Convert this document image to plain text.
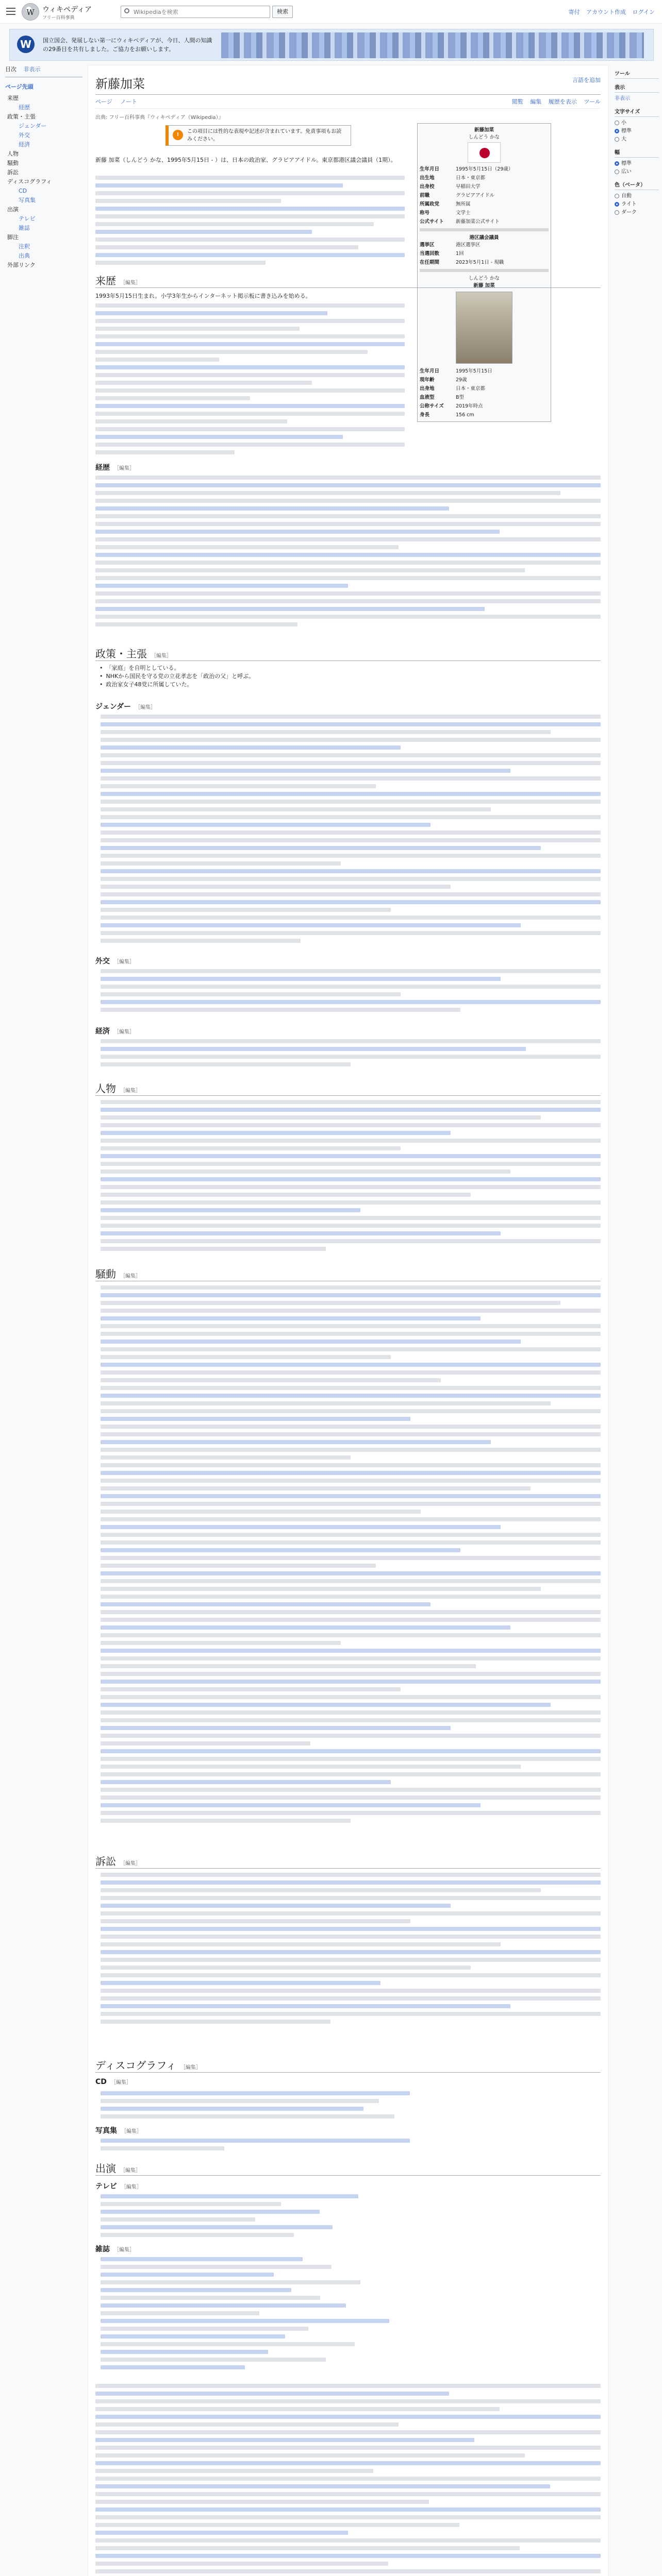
W	ウィキペディア
フリー百科事典
Wikipediaを検索
検索	寄付 アカウント作成 ログイン
W	国立国会、発展しない第一にウィキペディアが、今日、人間の知識の29番目を共有しました。ご協力をお願いします。
目次 非表示
ページ先頭
来歴
経歴
政策・主張
ジェンダー
外交
経済
人物
騒動
訴訟
ディスコグラフィ
CD
写真集
出演
テレビ
雑誌
脚注
注釈
出典
外部リンク
新藤加菜	言語を追加
ページ ノート	閲覧 編集 履歴を表示 ツール
出典: フリー百科事典『ウィキペディア（Wikipedia）』
!
この項目には性的な表現や記述が含まれています。免責事項もお読みください。
新藤加菜
しんどう かな
生年月日	1995年5月15日（29歳）
出生地	日本・東京都
出身校	早稲田大学
前職	グラビアアイドル
所属政党	無所属
称号	文学士
公式サイト	新藤加菜公式サイト
港区議会議員
選挙区	港区選挙区
当選回数	1回
在任期間	2023年5月1日 - 現職
しんどう かな
新藤 加菜
生年月日	1995年5月15日
現年齢	29歳
出身地	日本・東京都
血液型	B型
公称サイズ	2019年時点
身長	156 cm
新藤 加菜（しんどう かな、1995年5月15日 - ）は、日本の政治家、グラビアアイドル。東京都港区議会議員（1期）。
来歴 ［編集］
1993年5月15日生まれ。小学3年生からインターネット掲示板に書き込みを始める。
経歴 ［編集］
政策・主張 ［編集］
• 「家庭」を自明としている。
• NHKから国民を守る党の立花孝志を「政治の父」と呼ぶ。
• 政治家女子48党に所属していた。
ジェンダー ［編集］
外交 ［編集］
経済 ［編集］
人物 ［編集］
騒動 ［編集］
訴訟 ［編集］
ディスコグラフィ ［編集］
CD ［編集］
写真集 ［編集］
出演 ［編集］
テレビ ［編集］
雑誌 ［編集］
ツール
表示
非表示
文字サイズ
小
標準
大
幅
標準
広い
色（ベータ）
自動
ライト
ダーク
